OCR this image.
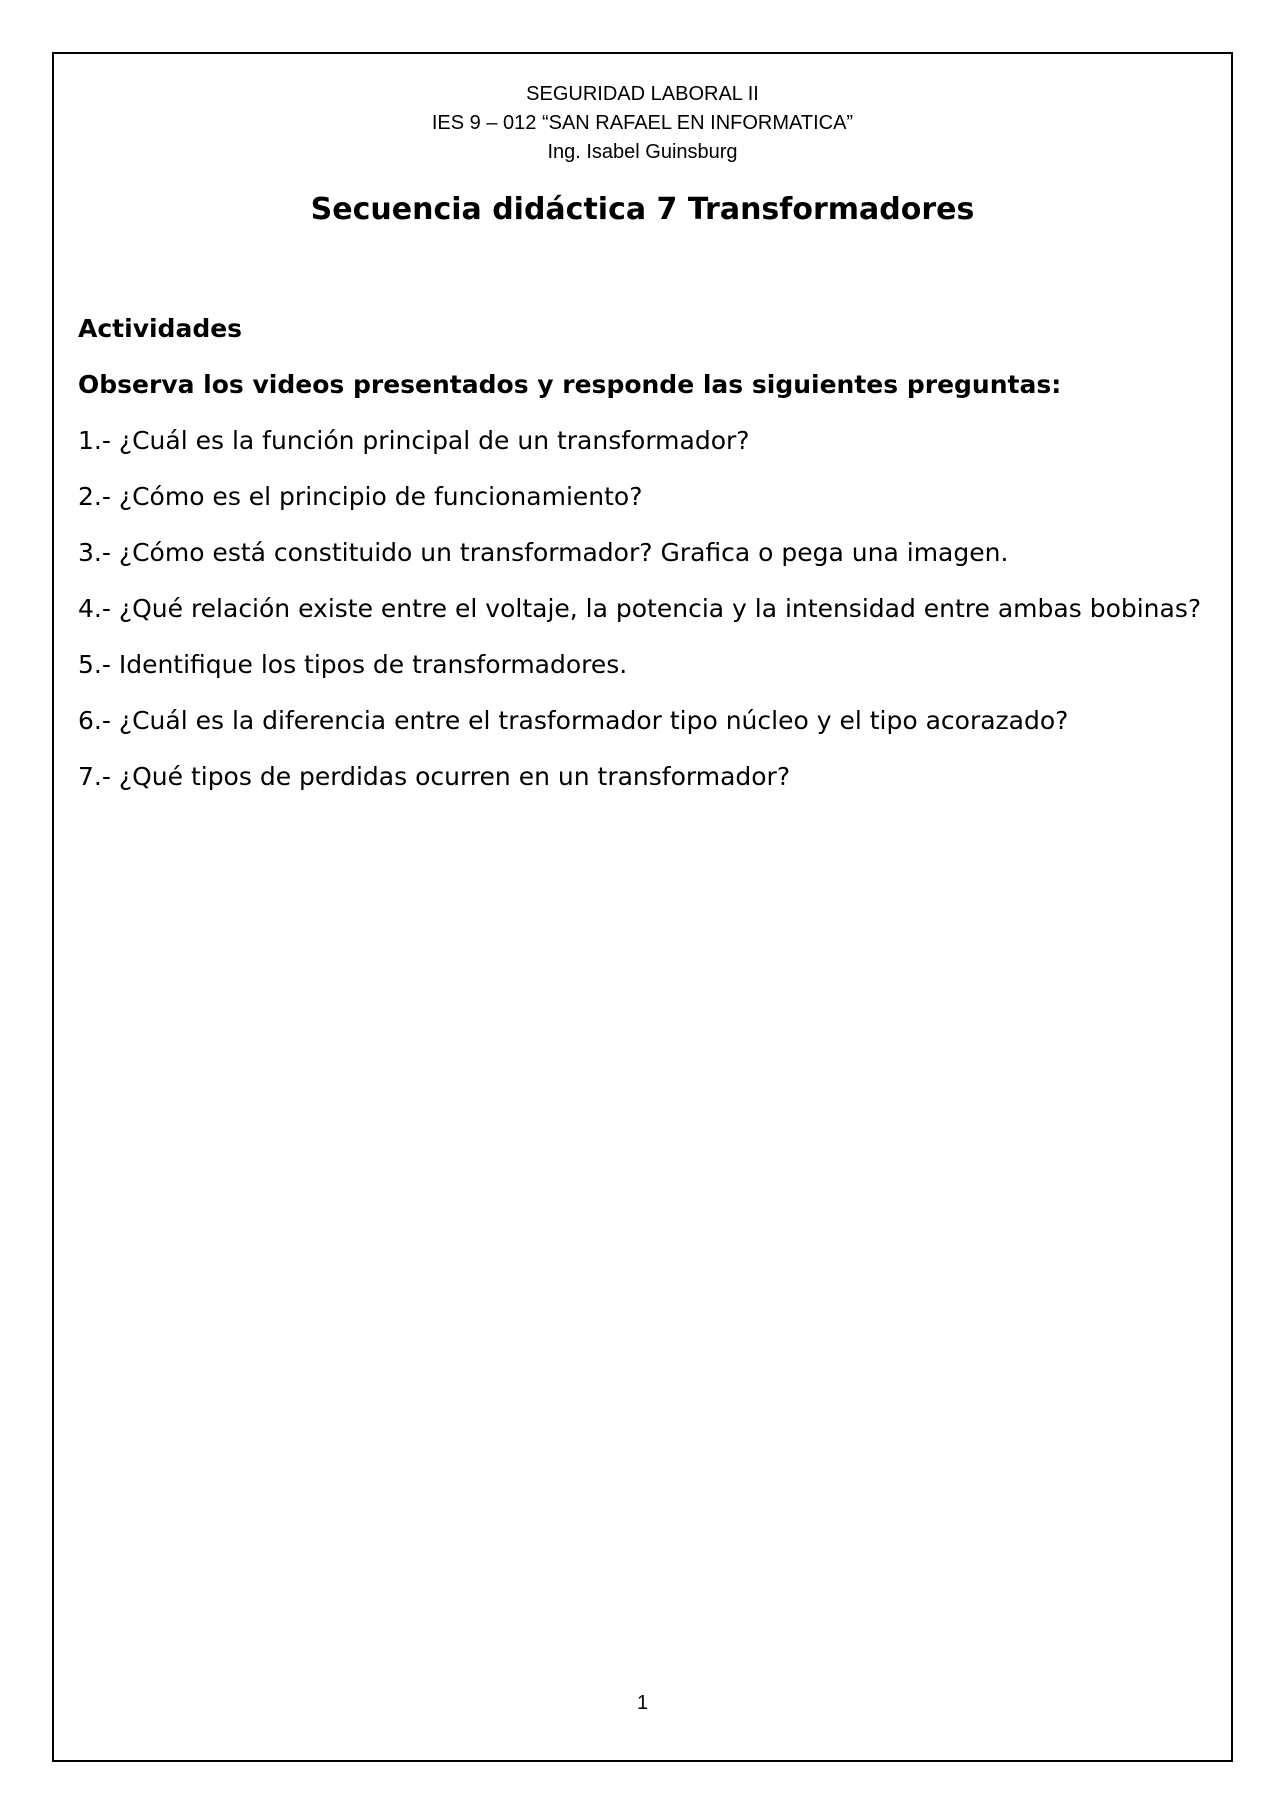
SEGURIDAD LABORAL II
IES 9 – 012 “SAN RAFAEL EN INFORMATICA”
Ing. Isabel Guinsburg
Secuencia didáctica 7 Transformadores
Actividades
Observa los videos presentados y responde las siguientes preguntas:
1.- ¿Cuál es la función principal de un transformador?
2.- ¿Cómo es el principio de funcionamiento?
3.- ¿Cómo está constituido un transformador? Grafica o pega una imagen.
4.- ¿Qué relación existe entre el voltaje, la potencia y la intensidad entre ambas bobinas?
5.- Identifique los tipos de transformadores.
6.- ¿Cuál es la diferencia entre el trasformador tipo núcleo y el tipo acorazado?
7.- ¿Qué tipos de perdidas ocurren en un transformador?
1
